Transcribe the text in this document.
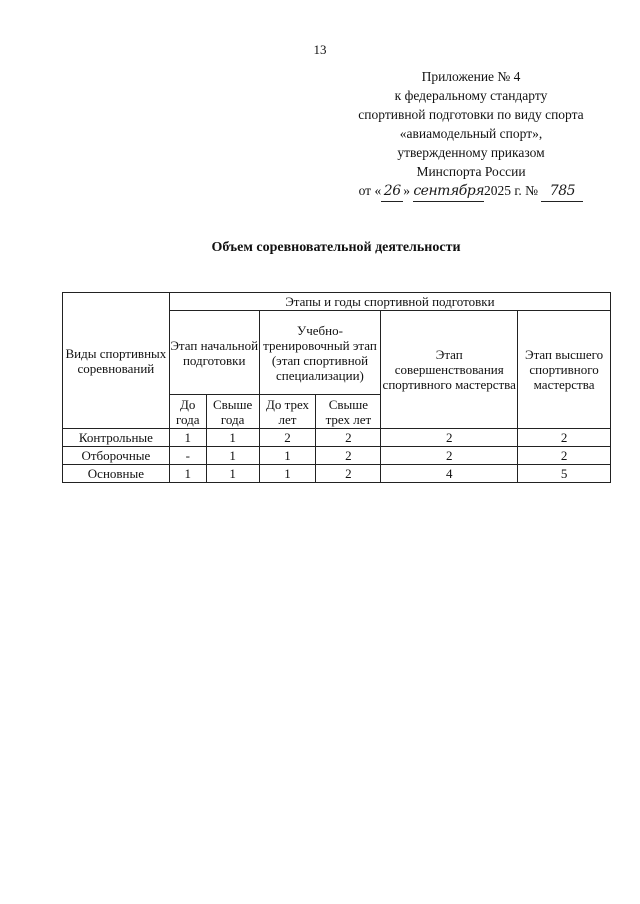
13
Приложение № 4
к федеральному стандарту
спортивной подготовки по виду спорта
«авиамодельный спорт»,
утвержденному приказом
Минспорта России
от « 26 » сентября2025 г. № 785
Объем соревновательной деятельности
Виды спортивных соревнований	Этапы и годы спортивной подготовки					
	Этап начальной подготовки		Учебно-тренировочный этап (этап спортивной специализации)		Этап совершенствования спортивного мастерства	Этап высшего спортивного мастерства
	До года	Свыше года	До трех лет	Свыше трех лет		
Контрольные	1	1	2	2	2	2
Отборочные	-	1	1	2	2	2
Основные	1	1	1	2	4	5
